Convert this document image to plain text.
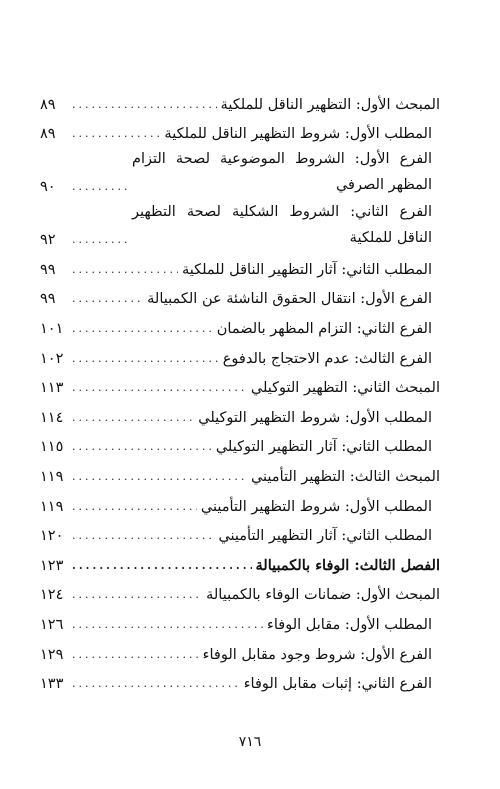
المبحث الأول: التظهير الناقل للملكية
.....
٨٩
المطلب الأول: شروط التظهير الناقل للملكية
.....
٨٩
الفرع الأول: الشروط الموضوعية لصحة التزام المظهر الصرفي
.....
٩٠
الفرع الثاني: الشروط الشكلية لصحة التظهير الناقل للملكية
.....
٩٢
المطلب الثاني: آثار التظهير الناقل للملكية
.....
٩٩
الفرع الأول: انتقال الحقوق الناشئة عن الكمبيالة
.....
٩٩
الفرع الثاني: التزام المظهر بالضمان
.....
١٠١
الفرع الثالث: عدم الاحتجاج بالدفوع
.....
١٠٢
المبحث الثاني: التظهير التوكيلي
.....
١١٣
المطلب الأول: شروط التظهير التوكيلي
.....
١١٤
المطلب الثاني: آثار التظهير التوكيلي
.....
١١٥
المبحث الثالث: التظهير التأميني
.....
١١٩
المطلب الأول: شروط التظهير التأميني
.....
١١٩
المطلب الثاني: آثار التظهير التأميني
.....
١٢٠
الفصل الثالث: الوفاء بالكمبيالة
.....
١٢٣
المبحث الأول: ضمانات الوفاء بالكمبيالة
.....
١٢٤
المطلب الأول: مقابل الوفاء
.....
١٢٦
الفرع الأول: شروط وجود مقابل الوفاء
.....
١٢٩
الفرع الثاني: إثبات مقابل الوفاء
.....
١٣٣
٧١٦
